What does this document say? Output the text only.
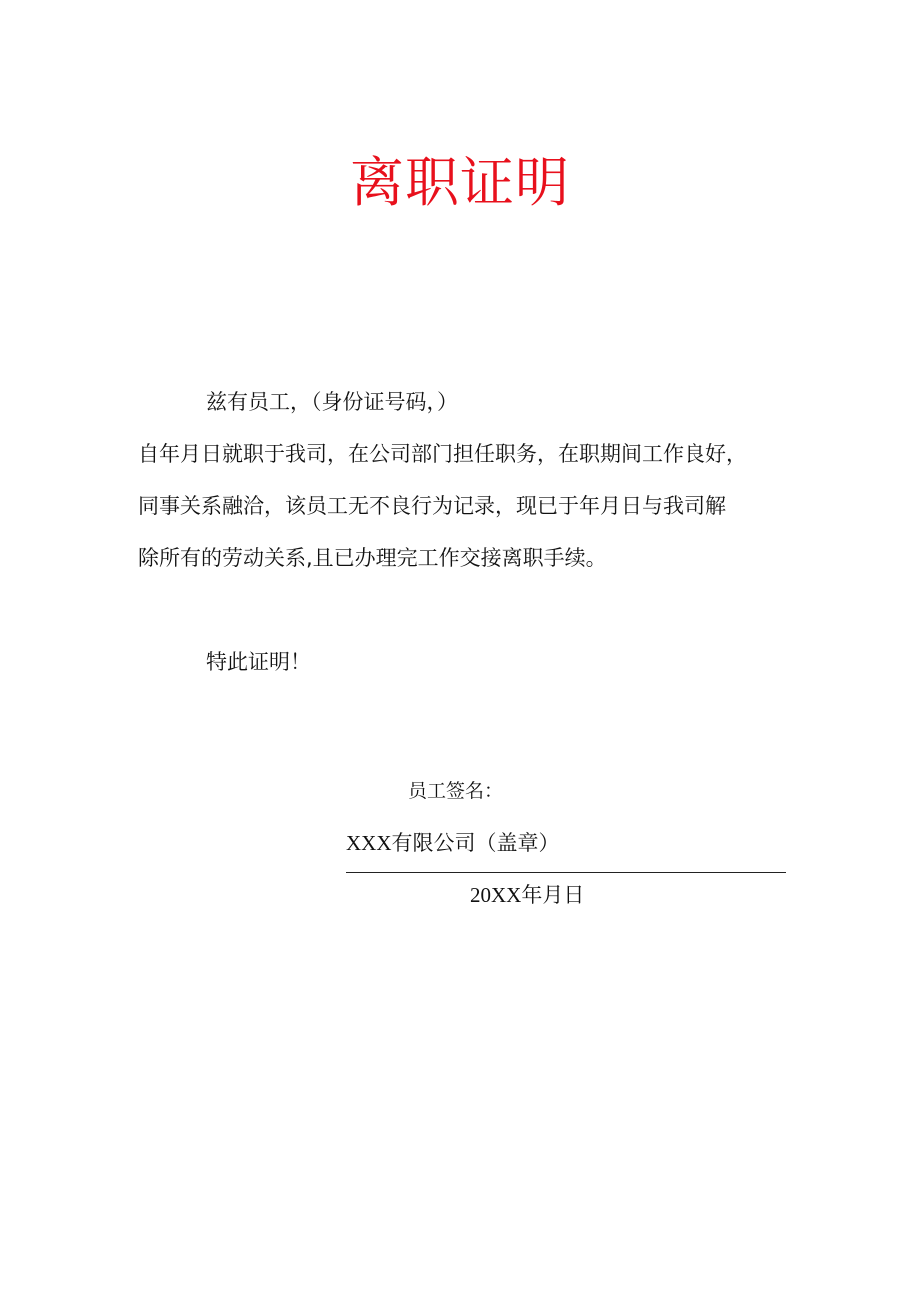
离职证明

兹有员工，（身份证号码，）

自年月日就职于我司，在公司部门担任职务，在职期间工作良好，

同事关系融洽，该员工无不良行为记录，现已于年月日与我司解

除所有的劳动关系,且已办理完工作交接离职手续。

特此证明！

员工签名：
XXX有限公司（盖章）
20XX年月日
